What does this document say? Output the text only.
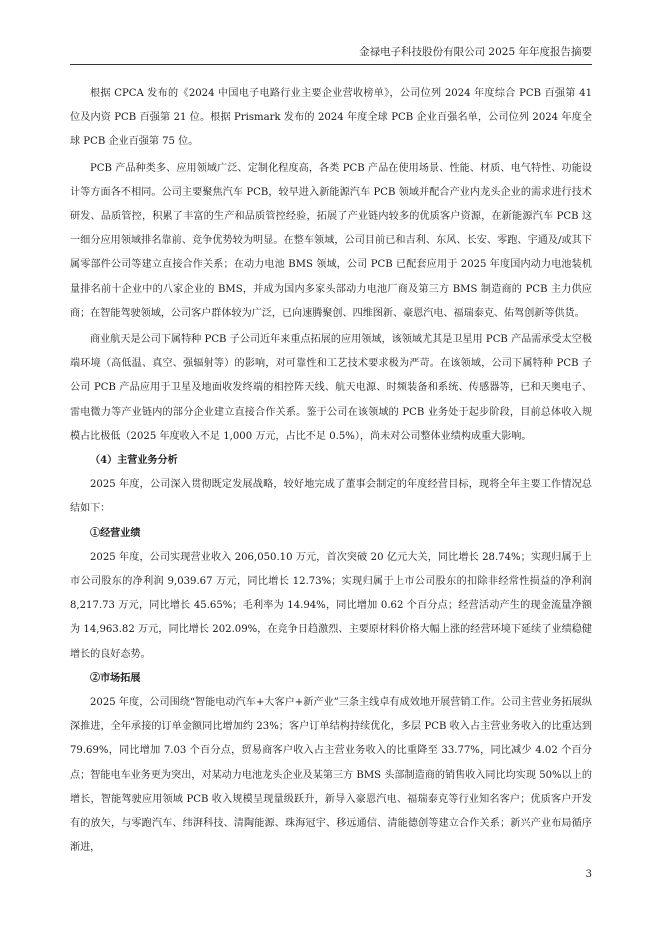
金禄电子科技股份有限公司 2025 年年度报告摘要

根据 CPCA 发布的《2024 中国电子电路行业主要企业营收榜单》，公司位列 2024 年度综合 PCB 百强第 41 位及内资 PCB 百强第 21 位。根据 Prismark 发布的 2024 年度全球 PCB 企业百强名单，公司位列 2024 年度全球 PCB 企业百强第 75 位。

PCB 产品种类多、应用领域广泛、定制化程度高，各类 PCB 产品在使用场景、性能、材质、电气特性、功能设计等方面各不相同。公司主要聚焦汽车 PCB，较早进入新能源汽车 PCB 领域并配合产业内龙头企业的需求进行技术研发、品质管控，积累了丰富的生产和品质管控经验，拓展了产业链内较多的优质客户资源，在新能源汽车 PCB 这一细分应用领域排名靠前、竞争优势较为明显。在整车领域，公司目前已和吉利、东风、长安、零跑、宇通及/或其下属零部件公司等建立直接合作关系；在动力电池 BMS 领域，公司 PCB 已配套应用于 2025 年度国内动力电池装机量排名前十企业中的八家企业的 BMS，并成为国内多家头部动力电池厂商及第三方 BMS 制造商的 PCB 主力供应商；在智能驾驶领域，公司客户群体较为广泛，已向速腾聚创、四维图新、豪恩汽电、福瑞泰克、佑驾创新等供货。

商业航天是公司下属特种 PCB 子公司近年来重点拓展的应用领域，该领域尤其是卫星用 PCB 产品需承受太空极端环境（高低温、真空、强辐射等）的影响，对可靠性和工艺技术要求极为严苛。在该领域，公司下属特种 PCB 子公司 PCB 产品应用于卫星及地面收发终端的相控阵天线、航天电源、时频装备和系统、传感器等，已和天奥电子、雷电微力等产业链内的部分企业建立直接合作关系。鉴于公司在该领域的 PCB 业务处于起步阶段，目前总体收入规模占比极低（2025 年度收入不足 1,000 万元，占比不足 0.5%），尚未对公司整体业绩构成重大影响。

（4）主营业务分析

2025 年度，公司深入贯彻既定发展战略，较好地完成了董事会制定的年度经营目标，现将全年主要工作情况总结如下：

①经营业绩

2025 年度，公司实现营业收入 206,050.10 万元，首次突破 20 亿元大关，同比增长 28.74%；实现归属于上市公司股东的净利润 9,039.67 万元，同比增长 12.73%；实现归属于上市公司股东的扣除非经常性损益的净利润 8,217.73 万元，同比增长 45.65%；毛利率为 14.94%，同比增加 0.62 个百分点；经营活动产生的现金流量净额为 14,963.82 万元，同比增长 202.09%，在竞争日趋激烈、主要原材料价格大幅上涨的经营环境下延续了业绩稳健增长的良好态势。

②市场拓展

2025 年度，公司围绕“智能电动汽车+大客户+新产业”三条主线卓有成效地开展营销工作。公司主营业务拓展纵深推进，全年承接的订单金额同比增加约 23%；客户订单结构持续优化，多层 PCB 收入占主营业务收入的比重达到 79.69%，同比增加 7.03 个百分点，贸易商客户收入占主营业务收入的比重降至 33.77%，同比减少 4.02 个百分点；智能电车业务更为突出，对某动力电池龙头企业及某第三方 BMS 头部制造商的销售收入同比均实现 50%以上的增长，智能驾驶应用领域 PCB 收入规模呈现量级跃升，新导入豪恩汽电、福瑞泰克等行业知名客户；优质客户开发有的放矢，与零跑汽车、纬湃科技、清陶能源、珠海冠宇、移远通信、清能德创等建立合作关系；新兴产业布局循序渐进，

3
